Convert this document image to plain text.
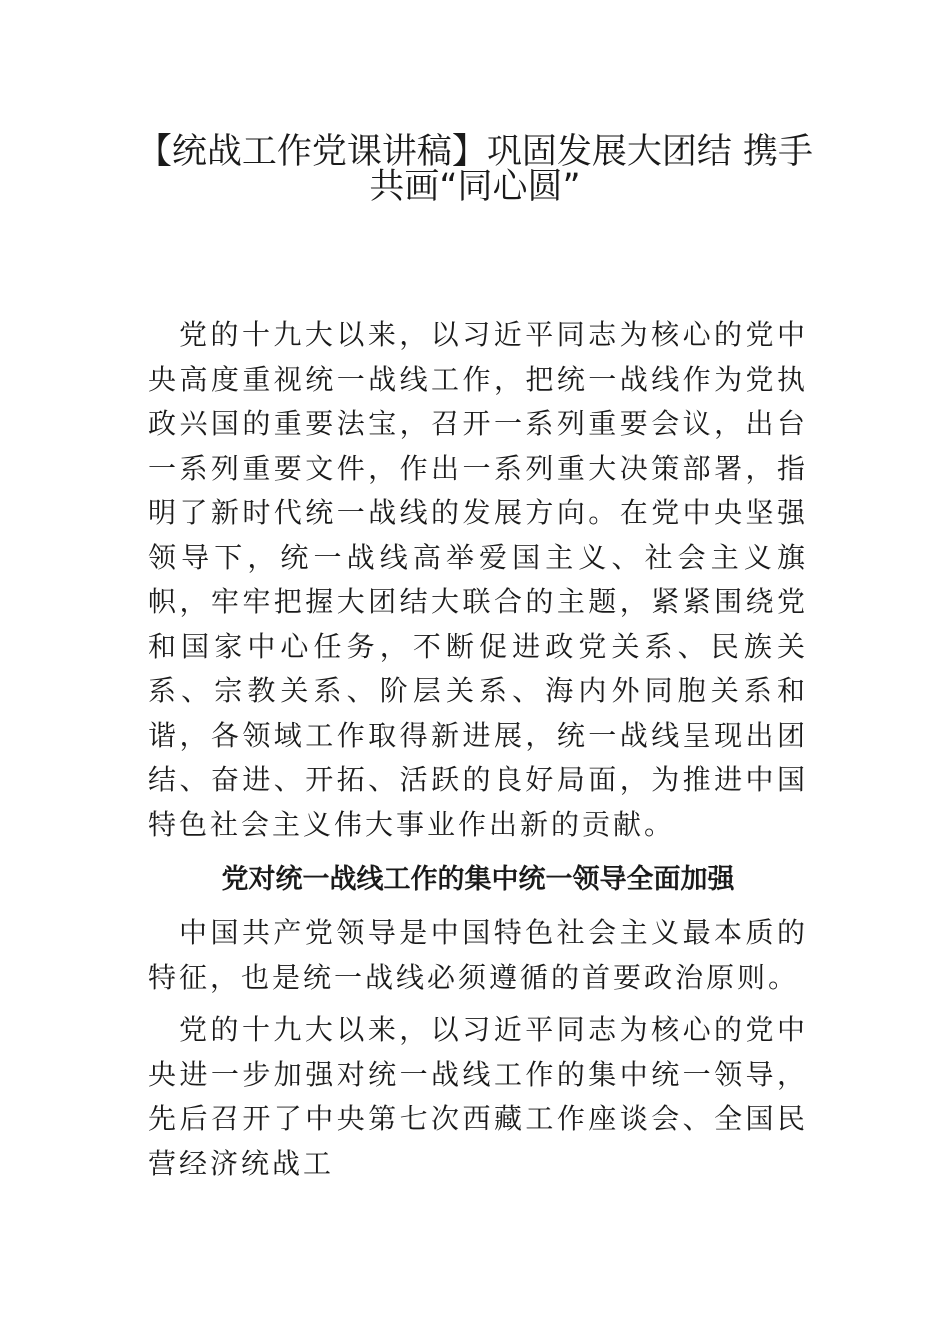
【统战工作党课讲稿】巩固发展大团结 携手
共画“同心圆”

党的十九大以来，以习近平同志为核心的党中央高度重视统一战线工作，把统一战线作为党执政兴国的重要法宝，召开一系列重要会议，出台一系列重要文件，作出一系列重大决策部署，指明了新时代统一战线的发展方向。在党中央坚强领导下，统一战线高举爱国主义、社会主义旗帜，牢牢把握大团结大联合的主题，紧紧围绕党和国家中心任务，不断促进政党关系、民族关系、宗教关系、阶层关系、海内外同胞关系和谐，各领域工作取得新进展，统一战线呈现出团结、奋进、开拓、活跃的良好局面，为推进中国特色社会主义伟大事业作出新的贡献。

党对统一战线工作的集中统一领导全面加强

中国共产党领导是中国特色社会主义最本质的特征，也是统一战线必须遵循的首要政治原则。

党的十九大以来，以习近平同志为核心的党中央进一步加强对统一战线工作的集中统一领导，先后召开了中央第七次西藏工作座谈会、全国民营经济统战工
